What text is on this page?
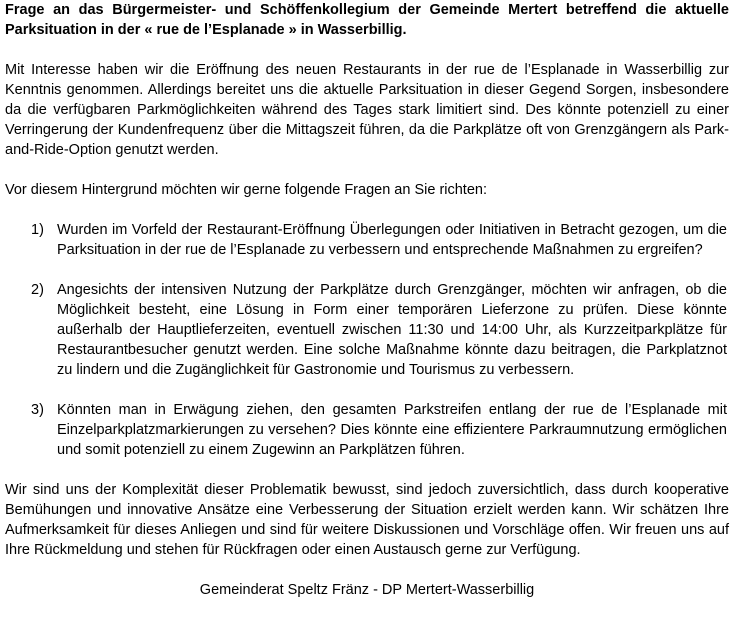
Frage an das Bürgermeister- und Schöffenkollegium der Gemeinde Mertert betreffend die aktuelle Parksituation in der « rue de l’Esplanade » in Wasserbillig.

Mit Interesse haben wir die Eröffnung des neuen Restaurants in der rue de l’Esplanade in Wasserbillig zur Kenntnis genommen. Allerdings bereitet uns die aktuelle Parksituation in dieser Gegend Sorgen, insbesondere da die verfügbaren Parkmöglichkeiten während des Tages stark limitiert sind. Des könnte potenziell zu einer Verringerung der Kundenfrequenz über die Mittagszeit führen, da die Parkplätze oft von Grenzgängern als Park-and-Ride-Option genutzt werden.

Vor diesem Hintergrund möchten wir gerne folgende Fragen an Sie richten:

1) Wurden im Vorfeld der Restaurant-Eröffnung Überlegungen oder Initiativen in Betracht gezogen, um die Parksituation in der rue de l’Esplanade zu verbessern und entsprechende Maßnahmen zu ergreifen?
2) Angesichts der intensiven Nutzung der Parkplätze durch Grenzgänger, möchten wir anfragen, ob die Möglichkeit besteht, eine Lösung in Form einer temporären Lieferzone zu prüfen. Diese könnte außerhalb der Hauptlieferzeiten, eventuell zwischen 11:30 und 14:00 Uhr, als Kurzzeitparkplätze für Restaurantbesucher genutzt werden. Eine solche Maßnahme könnte dazu beitragen, die Parkplatznot zu lindern und die Zugänglichkeit für Gastronomie und Tourismus zu verbessern.
3) Könnten man in Erwägung ziehen, den gesamten Parkstreifen entlang der rue de l’Esplanade mit Einzelparkplatzmarkierungen zu versehen? Dies könnte eine effizientere Parkraumnutzung ermöglichen und somit potenziell zu einem Zugewinn an Parkplätzen führen.

Wir sind uns der Komplexität dieser Problematik bewusst, sind jedoch zuversichtlich, dass durch kooperative Bemühungen und innovative Ansätze eine Verbesserung der Situation erzielt werden kann. Wir schätzen Ihre Aufmerksamkeit für dieses Anliegen und sind für weitere Diskussionen und Vorschläge offen. Wir freuen uns auf Ihre Rückmeldung und stehen für Rückfragen oder einen Austausch gerne zur Verfügung.

Gemeinderat Speltz Fränz - DP Mertert-Wasserbillig
